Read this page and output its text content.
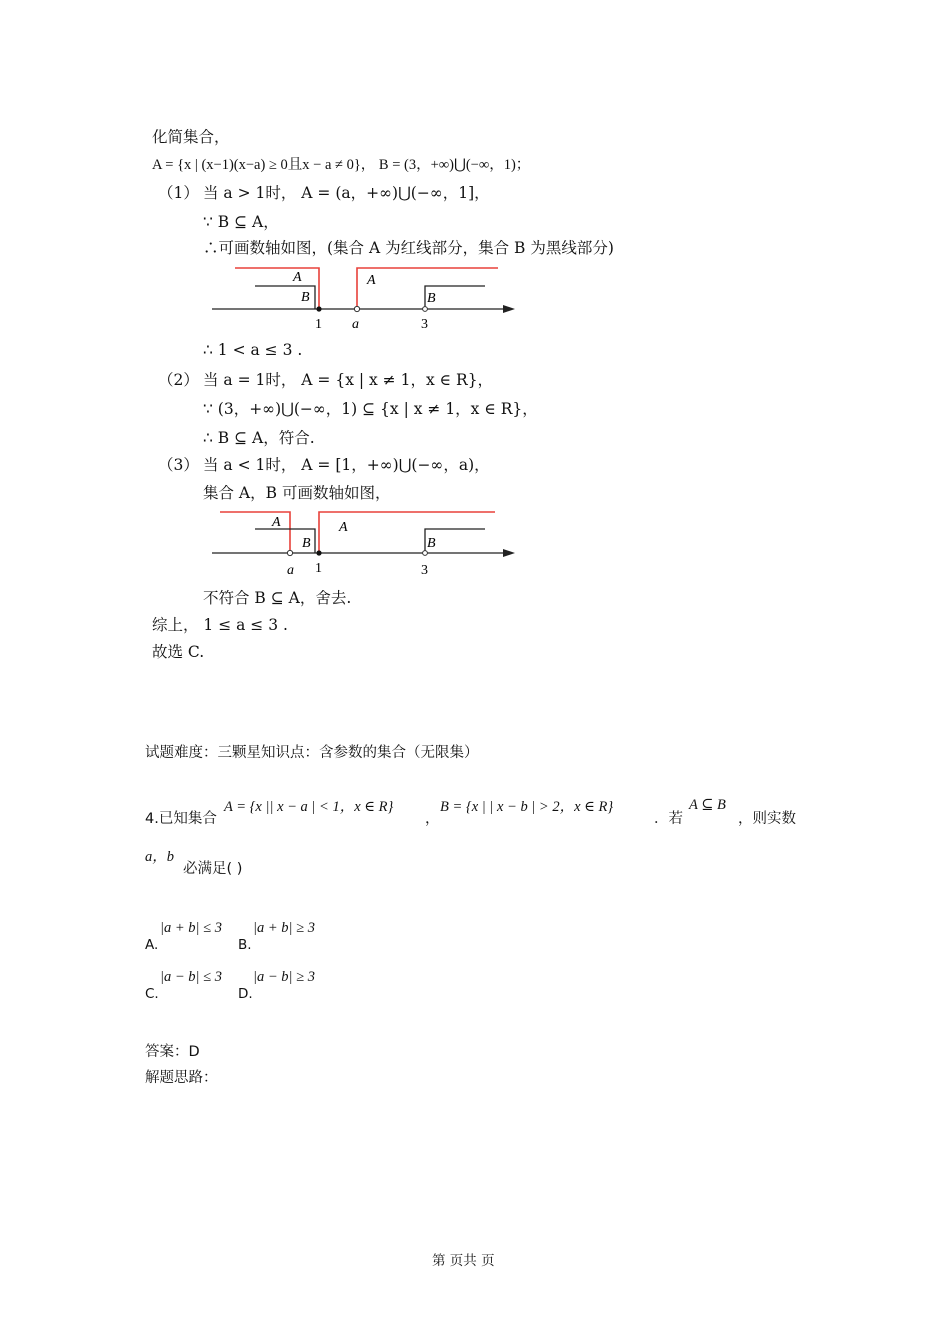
化简集合，
A = {x | (x−1)(x−a) ≥ 0且x − a ≠ 0}， B = (3，+∞)⋃(−∞，1)；
（1） 当 a > 1时， A = (a，+∞)⋃(−∞，1]，
∵ B ⊆ A，
∴可画数轴如图，(集合 A 为红线部分，集合 B 为黑线部分)
A
B
A
B
1 a	3
∴ 1 < a ≤ 3 .
（2） 当 a = 1时， A = {x | x ≠ 1，x ∈ R}，
∵ (3，+∞)⋃(−∞，1) ⊆ {x | x ≠ 1，x ∈ R}，
∴ B ⊆ A，符合.
（3） 当 a < 1时， A = [1，+∞)⋃(−∞，a)，
集合 A，B 可画数轴如图，
A
B
A
B
a 1	3
不符合 B ⊆ A，舍去.
综上， 1 ≤ a ≤ 3 .
故选 C.
试题难度：三颗星知识点：含参数的集合（无限集）
4.已知集合
A = {x || x − a | < 1，x ∈ R}
，
B = {x | | x − b | > 2，x ∈ R}
．若
A ⊆ B
，则实数
a，b
必满足( )
A.
|a + b| ≤ 3
B.
|a + b| ≥ 3
C.
|a − b| ≤ 3
D.
|a − b| ≥ 3
答案：D
解题思路：
第 页共 页
